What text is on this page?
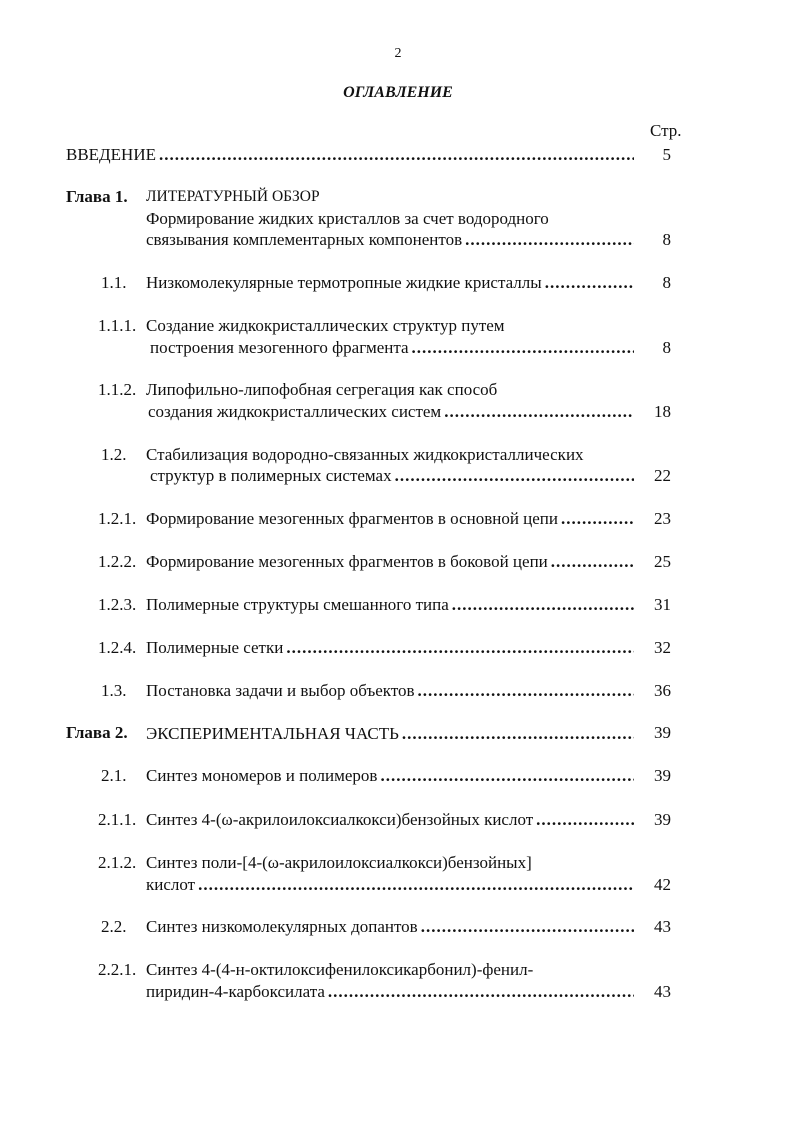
2
ОГЛАВЛЕНИЕ
Стр.
ВВЕДЕНИЕ .....	5
Глава 1. ЛИТЕРАТУРНЫЙ ОБЗОР
Формирование жидких кристаллов за счет водородного
связывания комплементарных компонентов .....	8
1.1. Низкомолекулярные термотропные жидкие кристаллы .....	8
1.1.1. Создание жидкокристаллических структур путем
построения мезогенного фрагмента .....	8
1.1.2. Липофильно-липофобная сегрегация как способ
создания жидкокристаллических систем .....	18
1.2. Стабилизация водородно-связанных жидкокристаллических
структур в полимерных системах .....	22
1.2.1. Формирование мезогенных фрагментов в основной цепи .....	23
1.2.2. Формирование мезогенных фрагментов в боковой цепи .....	25
1.2.3. Полимерные структуры смешанного типа .....	31
1.2.4. Полимерные сетки .....	32
1.3. Постановка задачи и выбор объектов .....	36
Глава 2. ЭКСПЕРИМЕНТАЛЬНАЯ ЧАСТЬ .....	39
2.1. Синтез мономеров и полимеров .....	39
2.1.1. Синтез 4-(ω-акрилоилоксиалкокси)бензойных кислот .....	39
2.1.2. Синтез поли-[4-(ω-акрилоилоксиалкокси)бензойных]
кислот .....	42
2.2. Синтез низкомолекулярных допантов .....	43
2.2.1. Синтез 4-(4-н-октилоксифенилоксикарбонил)-фенил-
пиридин-4-карбоксилата .....	43
